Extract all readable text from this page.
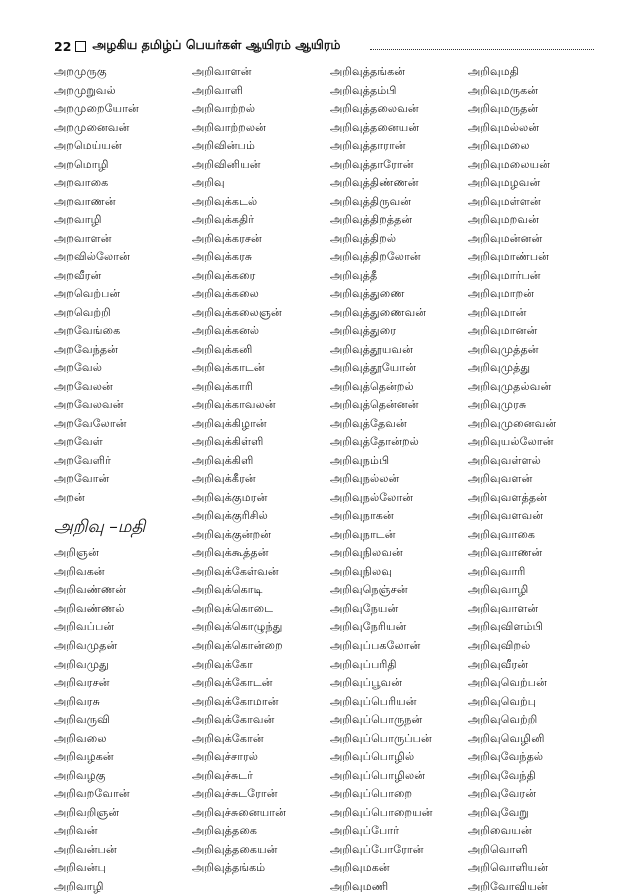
22 அழகிய தமிழ்ப் பெயர்கள் ஆயிரம் ஆயிரம்
அறமுருகு
அறமுறுவல்
அறமுறையோன்
அறமுனைவன்
அறமெய்யன்
அறமொழி
அறவாகை
அறவாணன்
அறவாழி
அறவாளன்
அறவில்லோன்
அறவீரன்
அறவெற்பன்
அறவெற்றி
அறவேங்கை
அறவேந்தன்
அறவேல்
அறவேலன்
அறவேலவன்
அறவேலோன்
அறவேள்
அறவேளிர்
அறவோன்
அறன்
அறிவு –மதி
அறிஞன்
அறிவகன்
அறிவண்ணன்
அறிவண்ணல்
அறிவப்பன்
அறிவமுதன்
அறிவமுது
அறிவரசன்
அறிவரசு
அறிவருவி
அறிவலை
அறிவழகன்
அறிவழகு
அறிவறவோன்
அறிவறிஞன்
அறிவன்
அறிவன்பன்
அறிவன்பு
அறிவாழி
அறிவாளன்
அறிவாளி
அறிவாற்றல்
அறிவாற்றலன்
அறிவின்பம்
அறிவினியன்
அறிவு
அறிவுக்கடல்
அறிவுக்கதிர்
அறிவுக்கரசன்
அறிவுக்கரசு
அறிவுக்கரை
அறிவுக்கலை
அறிவுக்கலைஞன்
அறிவுக்கனல்
அறிவுக்கனி
அறிவுக்காடன்
அறிவுக்காரி
அறிவுக்காவலன்
அறிவுக்கிழான்
அறிவுக்கிள்ளி
அறிவுக்கிளி
அறிவுக்கீரன்
அறிவுக்குமரன்
அறிவுக்குரிசில்
அறிவுக்குன்றன்
அறிவுக்கூத்தன்
அறிவுக்கேள்வன்
அறிவுக்கொடி
அறிவுக்கொடை
அறிவுக்கொழுந்து
அறிவுக்கொன்றை
அறிவுக்கோ
அறிவுக்கோடன்
அறிவுக்கோமான்
அறிவுக்கோவன்
அறிவுக்கோன்
அறிவுச்சாரல்
அறிவுச்சுடர்
அறிவுச்சுடரோன்
அறிவுச்சுனையான்
அறிவுத்தகை
அறிவுத்தகையன்
அறிவுத்தங்கம்
அறிவுத்தங்கன்
அறிவுத்தம்பி
அறிவுத்தலைவன்
அறிவுத்தனையன்
அறிவுத்தாரான்
அறிவுத்தாரோன்
அறிவுத்திண்ணன்
அறிவுத்திருவன்
அறிவுத்திறத்தன்
அறிவுத்திறல்
அறிவுத்திறலோன்
அறிவுத்தீ
அறிவுத்துணை
அறிவுத்துணைவன்
அறிவுத்துரை
அறிவுத்தூயவன்
அறிவுத்தூயோன்
அறிவுத்தென்றல்
அறிவுத்தென்னன்
அறிவுத்தேவன்
அறிவுத்தோன்றல்
அறிவுநம்பி
அறிவுநல்லன்
அறிவுநல்லோன்
அறிவுநாகன்
அறிவுநாடன்
அறிவுநிலவன்
அறிவுநிலவு
அறிவுநெஞ்சன்
அறிவுநேயன்
அறிவுநேரியன்
அறிவுப்பகலோன்
அறிவுப்பரிதி
அறிவுப்பூவன்
அறிவுப்பெரியன்
அறிவுப்பொருநன்
அறிவுப்பொருப்பன்
அறிவுப்பொழில்
அறிவுப்பொழிலன்
அறிவுப்பொறை
அறிவுப்பொறையன்
அறிவுப்போர்
அறிவுப்போரோன்
அறிவுமகன்
அறிவுமணி
அறிவுமதி
அறிவுமருகன்
அறிவுமருதன்
அறிவுமல்லன்
அறிவுமலை
அறிவுமலையன்
அறிவுமழவன்
அறிவுமள்ளன்
அறிவுமறவன்
அறிவுமன்னன்
அறிவுமாண்பன்
அறிவுமார்பன்
அறிவுமாறன்
அறிவுமான்
அறிவுமானன்
அறிவுமுத்தன்
அறிவுமுத்து
அறிவுமுதல்வன்
அறிவுமுரசு
அறிவுமுனைவன்
அறிவுயல்லோன்
அறிவுவள்ளல்
அறிவுவளன்
அறிவுவளத்தன்
அறிவுவளவன்
அறிவுவாகை
அறிவுவாணன்
அறிவுவாரி
அறிவுவாழி
அறிவுவாளன்
அறிவுவிளம்பி
அறிவுவிறல்
அறிவுவீரன்
அறிவுவெற்பன்
அறிவுவெற்பு
அறிவுவெற்றி
அறிவுவெழினி
அறிவுவேந்தல்
அறிவுவேந்தி
அறிவுவேரன்
அறிவுவேறு
அறிவையன்
அறிவொளி
அறிவொளியன்
அறிவோவியன்
